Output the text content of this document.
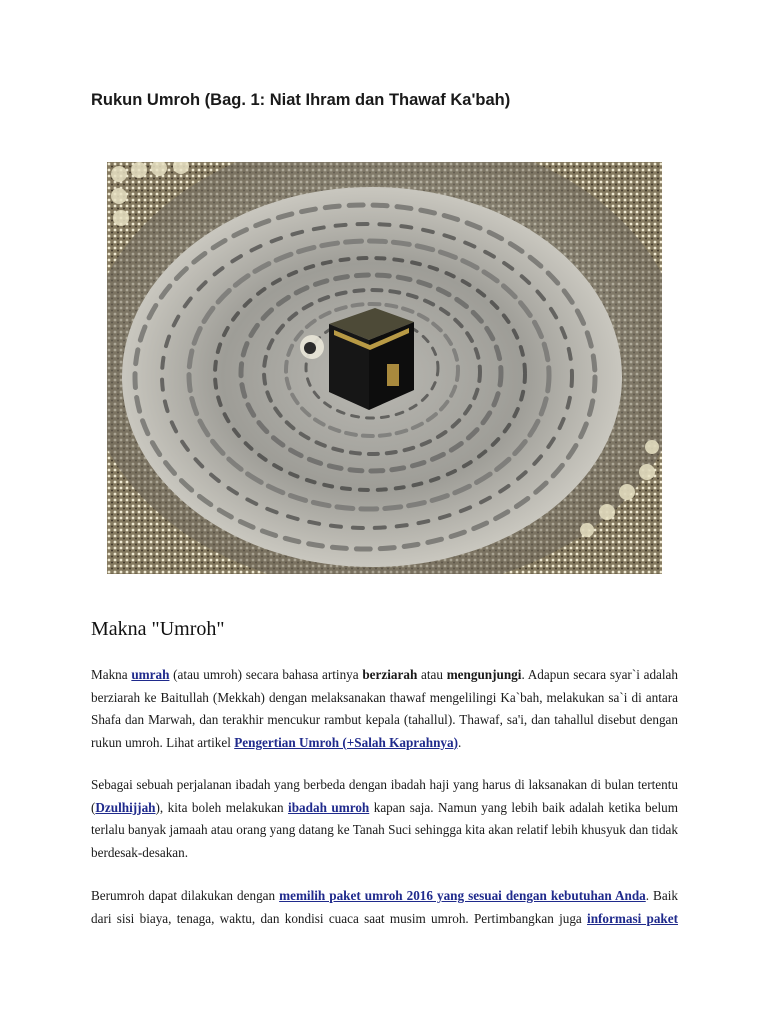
Rukun Umroh (Bag. 1: Niat Ihram dan Thawaf Ka'bah)
Makna "Umroh"

Makna umrah (atau umroh) secara bahasa artinya berziarah atau mengunjungi. Adapun secara syar`i adalah berziarah ke Baitullah (Mekkah) dengan melaksanakan thawaf mengelilingi Ka`bah, melakukan sa`i di antara Shafa dan Marwah, dan terakhir mencukur rambut kepala (tahallul). Thawaf, sa'i, dan tahallul disebut dengan rukun umroh. Lihat artikel Pengertian Umroh (+Salah Kaprahnya).

Sebagai sebuah perjalanan ibadah yang berbeda dengan ibadah haji yang harus di laksanakan di bulan tertentu (Dzulhijjah), kita boleh melakukan ibadah umroh kapan saja. Namun yang lebih baik adalah ketika belum terlalu banyak jamaah atau orang yang datang ke Tanah Suci sehingga kita akan relatif lebih khusyuk dan tidak berdesak-desakan.

Berumroh dapat dilakukan dengan memilih paket umroh 2016 yang sesuai dengan kebutuhan Anda. Baik dari sisi biaya, tenaga, waktu, dan kondisi cuaca saat musim umroh. Pertimbangkan juga informasi paket
